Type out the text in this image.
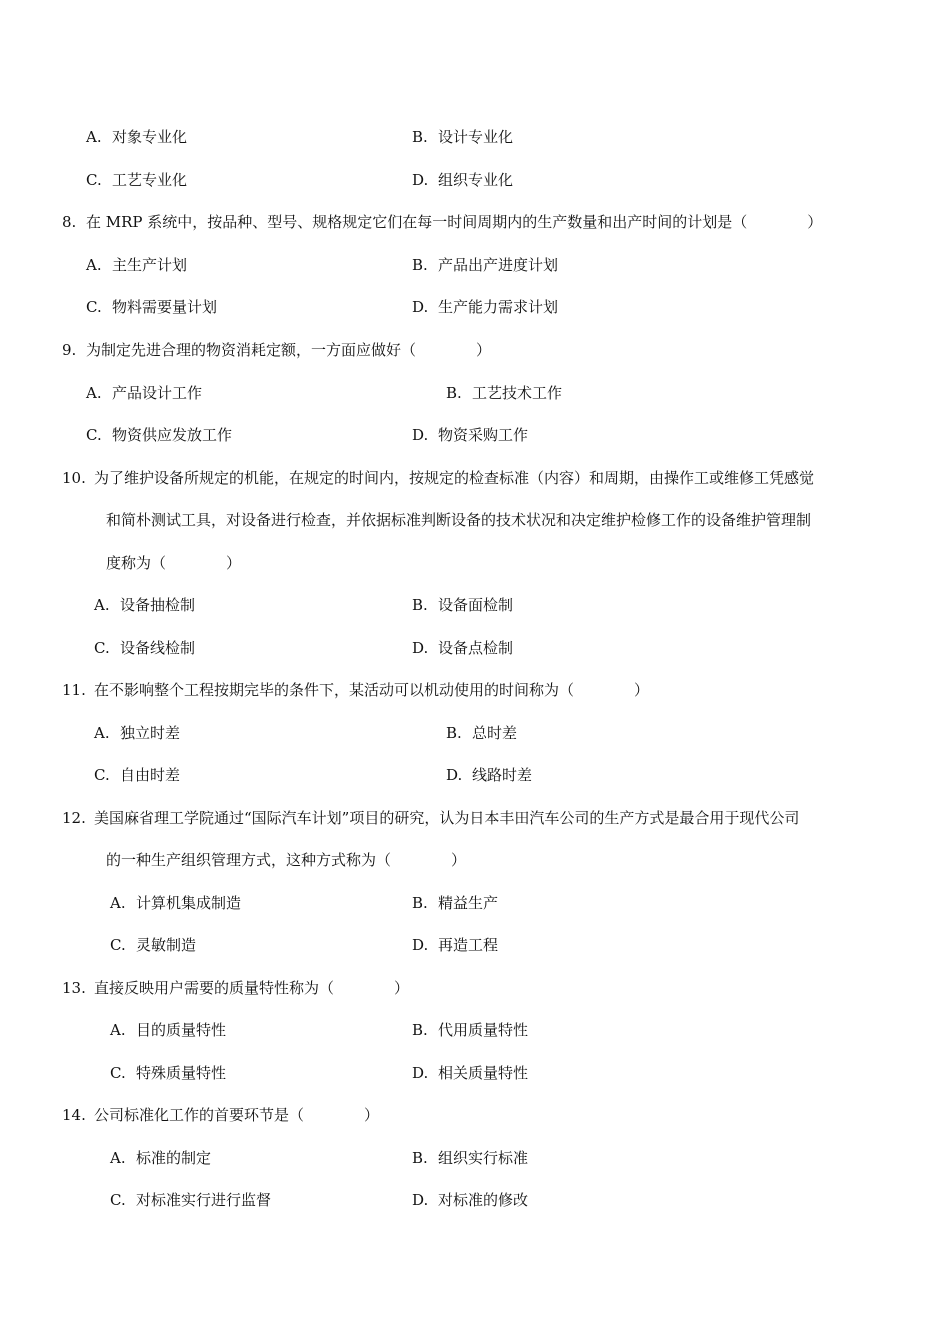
A. 对象专业化	B. 设计专业化
C. 工艺专业化	D. 组织专业化
8. 在 MRP 系统中，按品种、型号、规格规定它们在每一时间周期内的生产数量和出产时间的计划是（　　　　）
A. 主生产计划	B. 产品出产进度计划
C. 物料需要量计划	D. 生产能力需求计划
9. 为制定先进合理的物资消耗定额，一方面应做好（　　　　）
A. 产品设计工作	B. 工艺技术工作
C. 物资供应发放工作	D. 物资采购工作
10. 为了维护设备所规定的机能，在规定的时间内，按规定的检查标准（内容）和周期，由操作工或维修工凭感觉
和简朴测试工具，对设备进行检查，并依据标准判断设备的技术状况和决定维护检修工作的设备维护管理制
度称为（　　　　）
A. 设备抽检制	B. 设备面检制
C. 设备线检制	D. 设备点检制
11. 在不影响整个工程按期完毕的条件下，某活动可以机动使用的时间称为（　　　　）
A. 独立时差	B. 总时差
C. 自由时差	D. 线路时差
12. 美国麻省理工学院通过“国际汽车计划”项目的研究，认为日本丰田汽车公司的生产方式是最合用于现代公司
的一种生产组织管理方式，这种方式称为（　　　　）
A. 计算机集成制造	B. 精益生产
C. 灵敏制造	D. 再造工程
13. 直接反映用户需要的质量特性称为（　　　　）
A. 目的质量特性	B. 代用质量特性
C. 特殊质量特性	D. 相关质量特性
14. 公司标准化工作的首要环节是（　　　　）
A. 标准的制定	B. 组织实行标准
C. 对标准实行进行监督	D. 对标准的修改
